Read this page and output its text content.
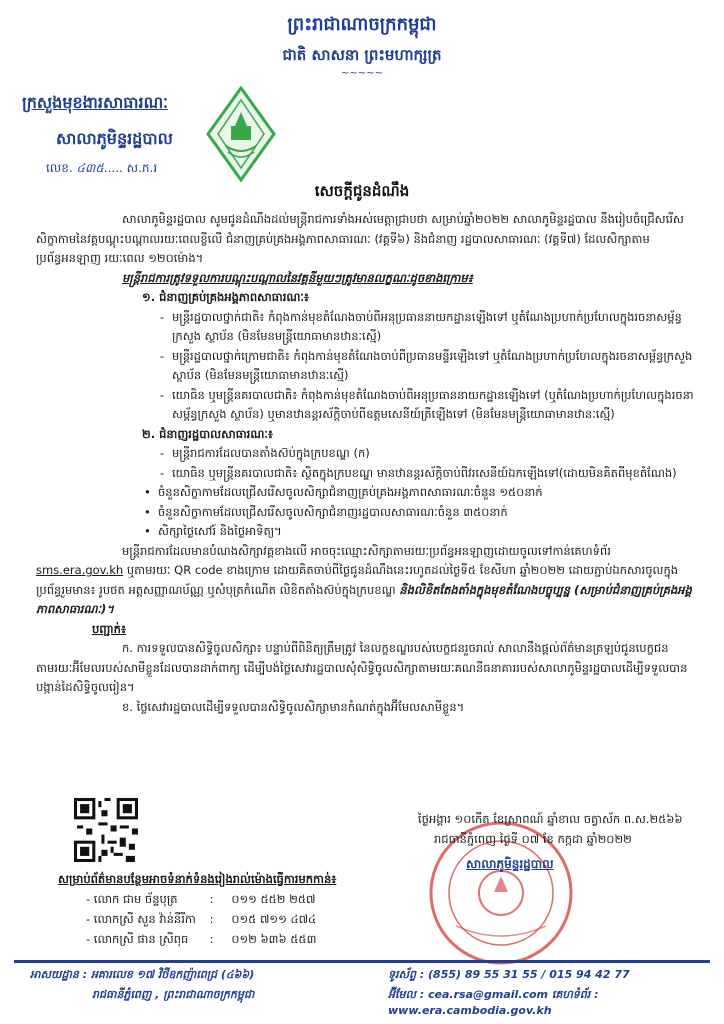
ព្រះរាជាណាចក្រកម្ពុជា
ជាតិ សាសនា ព្រះមហាក្សត្រ
~~~~~
ក្រសួងមុខងារសាធារណៈ
សាលាភូមិន្ទរដ្ឋបាល
លេខ. ៤៣៥..... ស.ភ.រ
សេចក្តីជូនដំណឹង

សាលាភូមិន្ទរដ្ឋបាល សូមជូនដំណឹងដល់មន្ត្រីរាជការទាំងអស់មេត្តាជ្រាបថា សម្រាប់ឆ្នាំ២០២២ សាលាភូមិន្ទរដ្ឋបាល នឹងរៀបចំជ្រើសរើសសិក្ខាកាមនៃវគ្គបណ្តុះបណ្តាលរយៈពេលខ្លីលើ ជំនាញគ្រប់គ្រងអង្គភាពសាធារណៈ (វគ្គទី៦) និងជំនាញ រដ្ឋបាលសាធារណៈ (វគ្គទី៧) ដែលសិក្សាតាមប្រព័ន្ធអនឡាញ រយៈពេល ១២០ម៉ោង។

មន្ត្រីរាជការត្រូវទទួលការបណ្តុះបណ្តាលនៃវគ្គនីមួយៗត្រូវមានលក្ខណៈដូចខាងក្រោម៖

១. ជំនាញគ្រប់គ្រងអង្គភាពសាធារណៈ៖

- មន្ត្រីរដ្ឋបាលថ្នាក់ជាតិ៖ កំពុងកាន់មុខតំណែងចាប់ពីអនុប្រធាននាយកដ្ឋានឡើងទៅ ឬតំណែងប្រហាក់ប្រហែលក្នុងរចនាសម្ព័ន្ធក្រសួង ស្ថាប័ន (មិនមែនមន្ត្រីយោធាមានឋានៈស្មើ)

- មន្ត្រីរដ្ឋបាលថ្នាក់ក្រោមជាតិ៖ កំពុងកាន់មុខតំណែងចាប់ពីប្រធានមន្ទីរឡើងទៅ ឬតំណែងប្រហាក់ប្រហែលក្នុងរចនាសម្ព័ន្ធក្រសួង ស្ថាប័ន (មិនមែនមន្ត្រីយោធាមានឋានៈស្មើ)

- យោធិន ឬមន្ត្រីនគរបាលជាតិ៖ កំពុងកាន់មុខតំណែងចាប់ពីអនុប្រធាននាយកដ្ឋានឡើងទៅ (ឬតំណែងប្រហាក់ប្រហែលក្នុងរចនាសម្ព័ន្ធក្រសួង ស្ថាប័ន) ឬមានឋានន្តរស័ក្តិចាប់ពីឧត្តមសេនីយ៍ត្រីឡើងទៅ (មិនមែនមន្ត្រីយោធាមានឋានៈស្មើ)

២. ជំនាញរដ្ឋបាលសាធារណៈ៖

- មន្ត្រីរាជការដែលបានតាំងស៊ប់ក្នុងក្របខណ្ឌ (ក)

- យោធិន ឬមន្ត្រីនគរបាលជាតិ៖ ស្ថិតក្នុងក្របខណ្ឌ មានឋានន្តរស័ក្តិចាប់ពីវរសេនីយ៍ឯកឡើងទៅ(ដោយមិនគិតពីមុខតំណែង)

• ចំនួនសិក្ខាកាមដែលជ្រើសរើសចូលសិក្សាជំនាញគ្រប់គ្រងអង្គភាពសាធារណៈចំនួន ១៥០នាក់

• ចំនួនសិក្ខាកាមដែលជ្រើសរើសចូលសិក្សាជំនាញរដ្ឋបាលសាធារណៈចំនួន ៣៥០នាក់

• សិក្សាថ្ងៃសៅរ៍ និងថ្ងៃអាទិត្យ។

មន្ត្រីរាជការដែលមានបំណងសិក្សាវគ្គខាងលើ អាចចុះឈ្មោះសិក្សាតាមរយៈប្រព័ន្ធអនឡាញដោយចូលទៅកាន់គេហទំព័រ sms.era.gov.kh ឬតាមរយៈ QR code ខាងក្រោម ដោយគិតចាប់ពីថ្ងៃជូនដំណឹងនេះរហូតដល់ថ្ងៃទី៥ ខែសីហា ឆ្នាំ២០២២ ដោយភ្ជាប់ឯកសារចូលក្នុងប្រព័ន្ធរួមមាន៖ រូបថត អត្តសញ្ញាណប័ណ្ណ ឬសំបុត្រកំណើត លិខិតតាំងស៊ប់ក្នុងក្របខណ្ឌ និងលិខិតតែងតាំងក្នុងមុខតំណែងបច្ចុប្បន្ន (សម្រាប់ជំនាញគ្រប់គ្រងអង្គភាពសាធារណៈ)។

បញ្ជាក់៖

ក. ការទទួលបានសិទ្ធិចូលសិក្សា៖ បន្ទាប់ពីពិនិត្យត្រឹមត្រូវ នៃលក្ខខណ្ឌរបស់បេក្ខជនរួចរាល់ សាលានឹងផ្តល់ព័ត៌មានត្រឡប់ជូនបេក្ខជនតាមរយៈអ៊ីមែលរបស់សាមីខ្លួនដែលបានដាក់ពាក្យ ដើម្បីបង់ថ្លៃសេវារដ្ឋបាលសុំសិទ្ធិចូលសិក្សាតាមរយៈគណនីធនាគាររបស់សាលាភូមិន្ទរដ្ឋបាលដើម្បីទទួលបានបង្កាន់ដៃសិទ្ធិចូលរៀន។

ខ. ថ្លៃសេវារដ្ឋបាលដើម្បីទទួលបានសិទ្ធិចូលសិក្សាមានកំណត់ក្នុងអ៊ីមែលសាមីខ្លួន។

ថ្ងៃអង្គារ ១០កើត ខែស្រាពណ៍ ឆ្នាំខាល ចត្វាស័ក ព.ស.២៥៦៦
រាជធានីភ្នំពេញ ថ្ងៃទី ០៧ ខែ កក្កដា ឆ្នាំ២០២២
សាលាភូមិន្ទរដ្ឋបាល
សម្រាប់ព័ត៌មានបន្ថែមអាចទំនាក់ទំនងរៀងរាល់ម៉ោងធ្វើការមកកាន់៖
- លោក ជាម ច័ន្ទបុត្រ	: ០១១ ៥៥២ ២៥៧
- លោកស្រី សួន វ៉ាន់នីរីកា : ០១៥ ៧១១ ៤៧៤
- លោកស្រី ផាន ស្រីពុធ : ០១២ ៦៣៦ ៥៥៣
អាសយដ្ឋាន : អគារលេខ ១៧ វិថីឧកញ៉ាពេជ្រ (៤៦៦)
រាជធានីភ្នំពេញ , ព្រះរាជាណាចក្រកម្ពុជា
ទូរស័ព្ទ : (855) 89 55 31 55 / 015 94 42 77
អ៊ីមែល : cea.rsa@gmail.com គេហទំព័រ : www.era.cambodia.gov.kh
